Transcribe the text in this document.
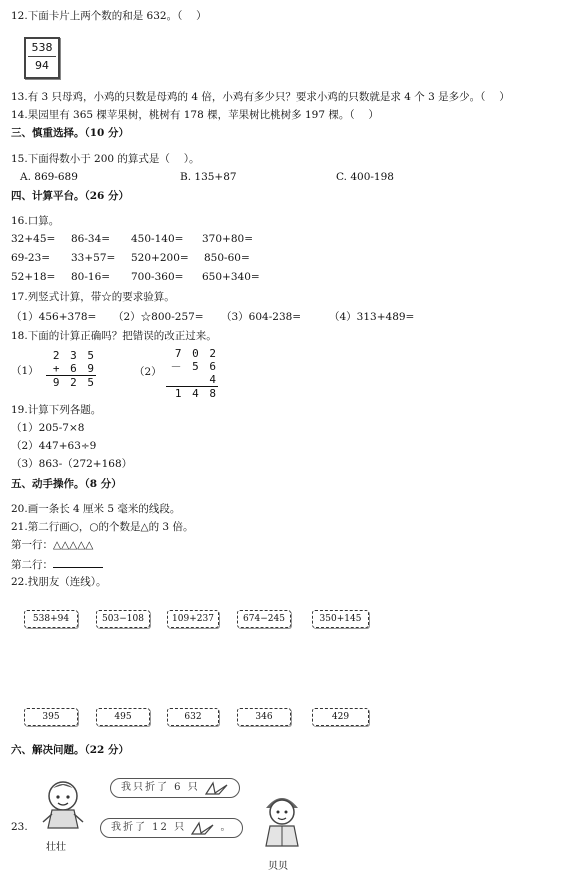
12.下面卡片上两个数的和是 632。（　 ）
538
94
13.有 3 只母鸡，小鸡的只数是母鸡的 4 倍，小鸡有多少只？要求小鸡的只数就是求 4 个 3 是多少。（　 ）
14.果园里有 365 棵苹果树，桃树有 178 棵，苹果树比桃树多 197 棵。（　 ）
三、慎重选择。（10 分）
15.下面得数小于 200 的算式是（　 ）。
A. 869-689	B. 135+87	C. 400-198
四、计算平台。（26 分）
16.口算。
32+45= 86-34= 450-140= 370+80=
69-23= 33+57= 520+200= 850-60=
52+18= 80-16= 700-360= 650+340=
17.列竖式计算，带☆的要求验算。
（1）456+378= （2）☆800-257= （3）604-238=	（4）313+489=
18.下面的计算正确吗？把错误的改正过来。
（1）
2 3 5
+ 6 9
9 2 5
（2）
7 0 2
－ 5 6 4
1 4 8
19.计算下列各题。
（1）205-7×8
（2）447+63÷9
（3）863-（272+168）
五、动手操作。（8 分）
20.画一条长 4 厘米 5 毫米的线段。
21.第二行画○，○的个数是△的 3 倍。
第一行：△△△△△
第二行：
22.找朋友（连线）。
538+94	503−108	109+237	674−245	350+145
395	495	632	346	429
六、解决问题。（22 分）
23.
壮壮
我只折了 6 只
我折了 12 只	。
贝贝
